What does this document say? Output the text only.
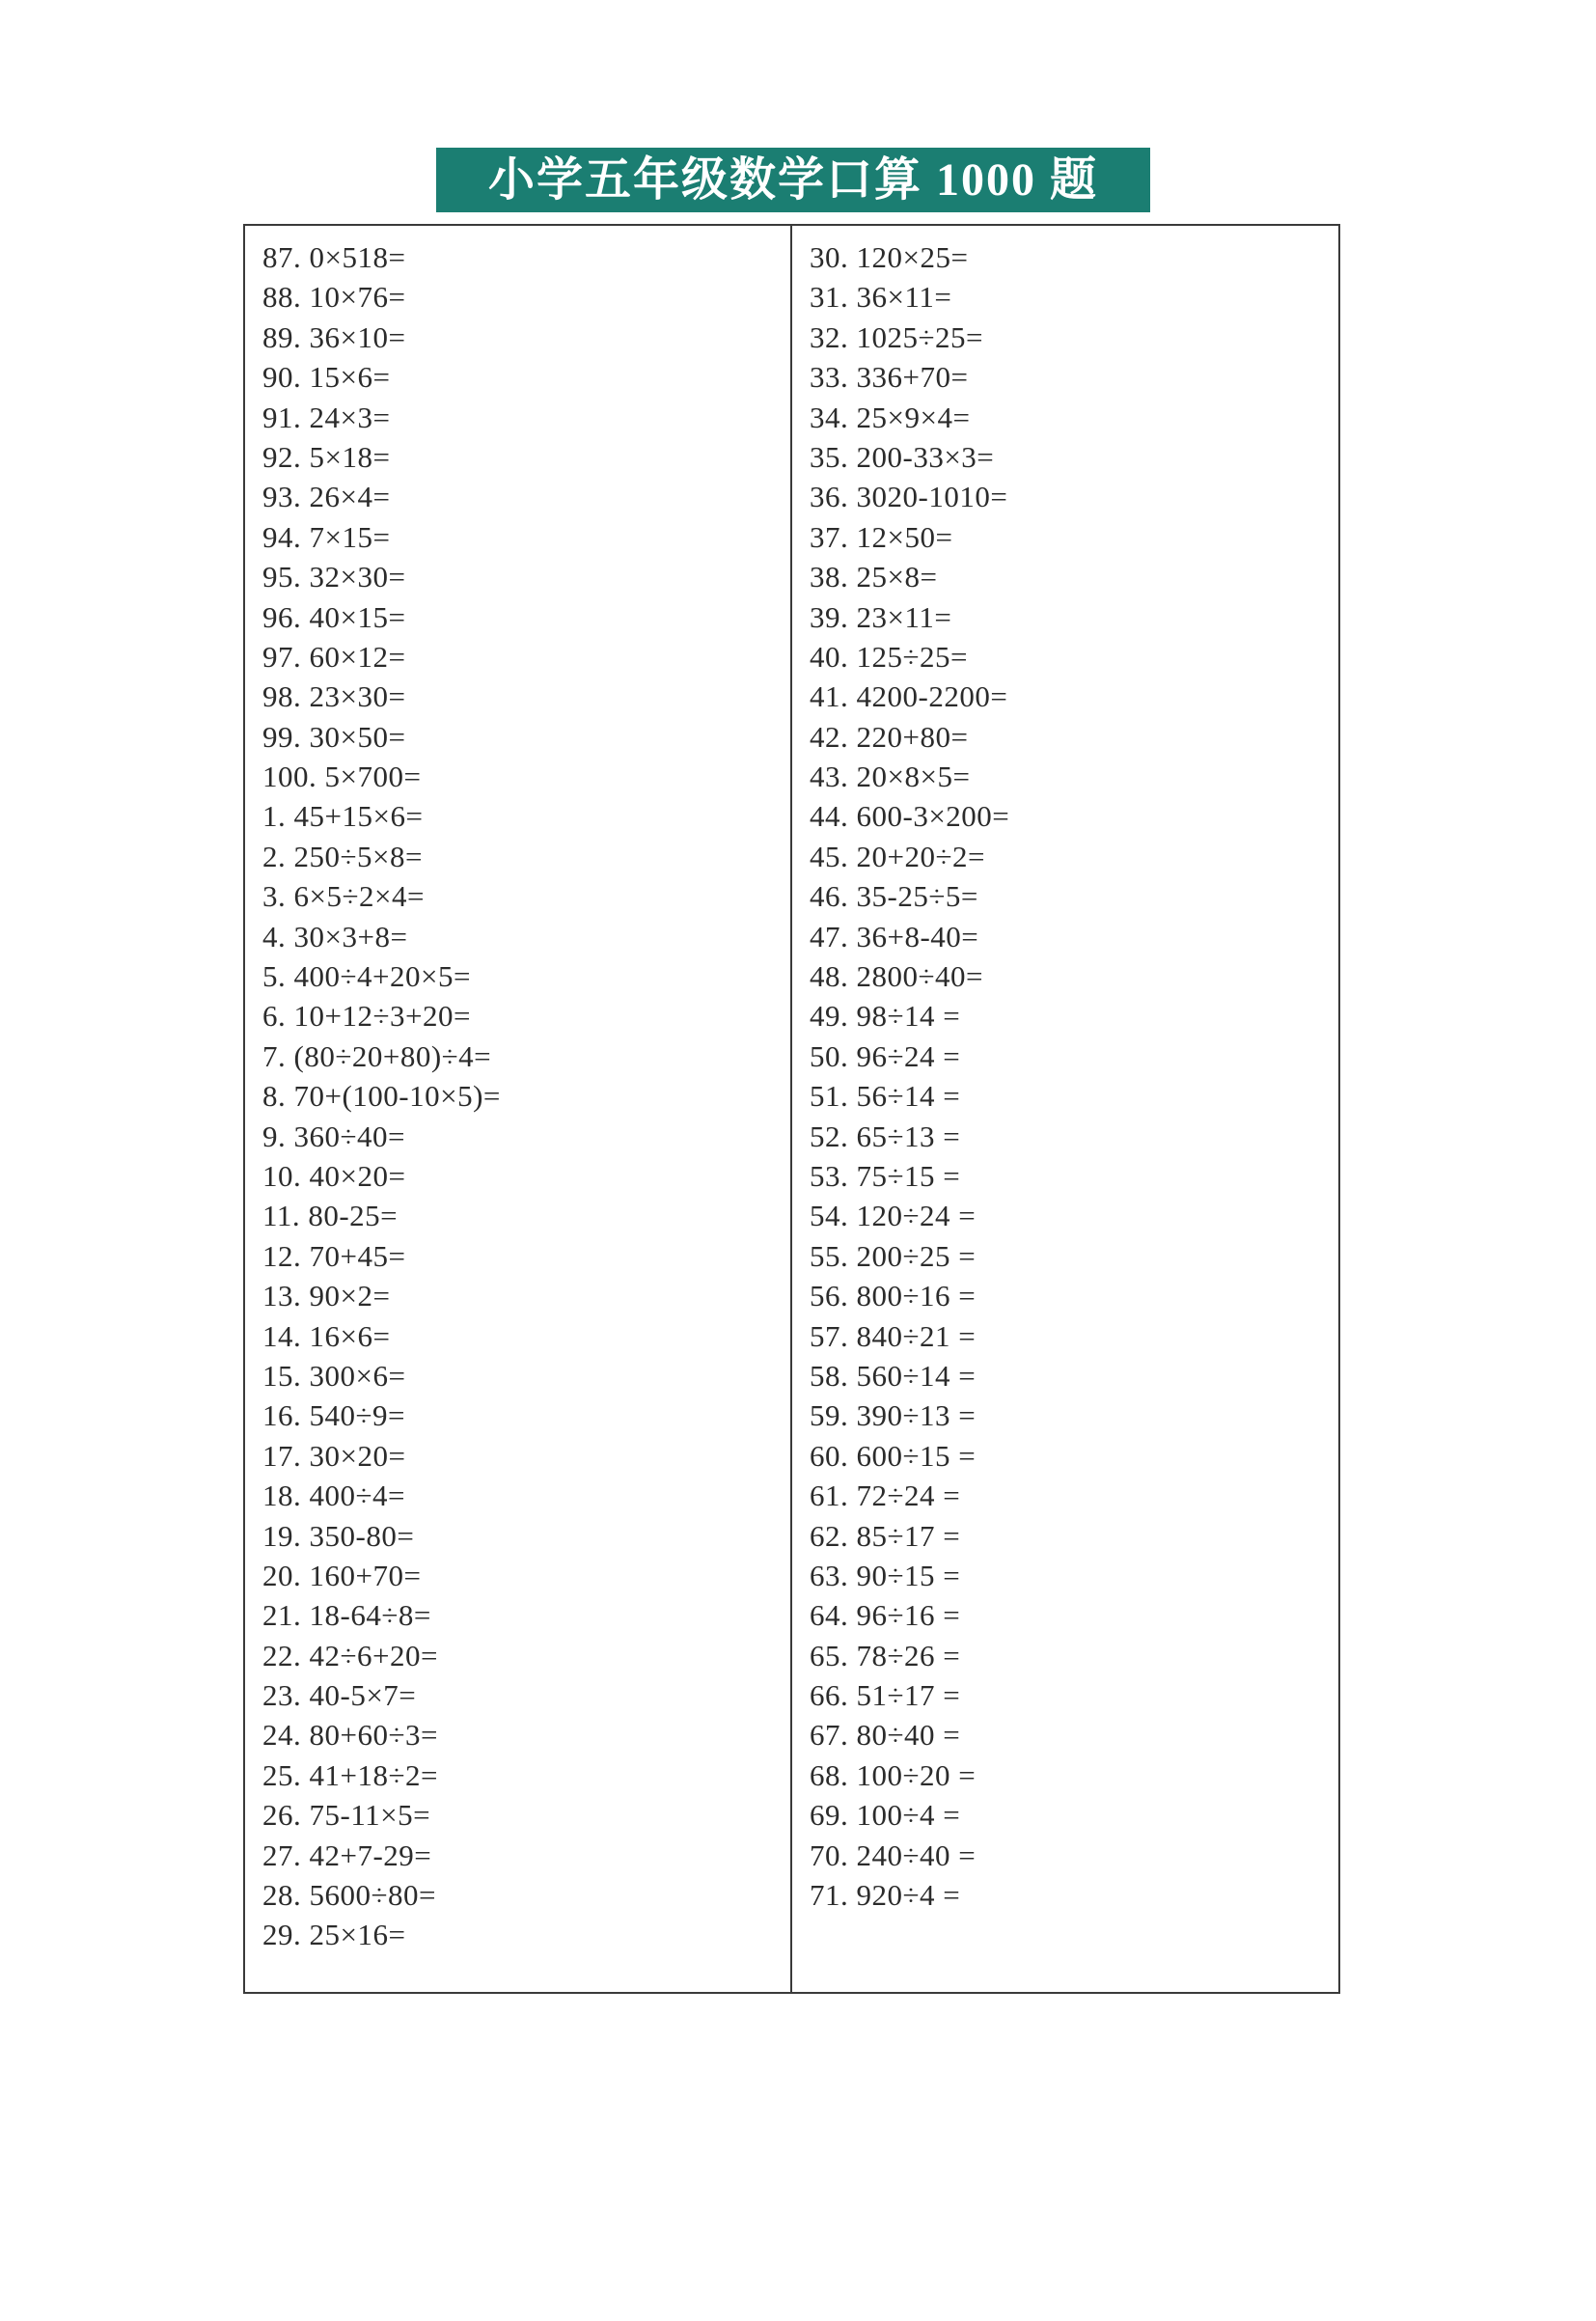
小学五年级数学口算 1000 题
87. 0×518=
88. 10×76=
89. 36×10=
90. 15×6=
91. 24×3=
92. 5×18=
93. 26×4=
94. 7×15=
95. 32×30=
96. 40×15=
97. 60×12=
98. 23×30=
99. 30×50=
100. 5×700=
1. 45+15×6=
2. 250÷5×8=
3. 6×5÷2×4=
4. 30×3+8=
5. 400÷4+20×5=
6. 10+12÷3+20=
7. (80÷20+80)÷4=
8. 70+(100-10×5)=
9. 360÷40=
10. 40×20=
11. 80-25=
12. 70+45=
13. 90×2=
14. 16×6=
15. 300×6=
16. 540÷9=
17. 30×20=
18. 400÷4=
19. 350-80=
20. 160+70=
21. 18-64÷8=
22. 42÷6+20=
23. 40-5×7=
24. 80+60÷3=
25. 41+18÷2=
26. 75-11×5=
27. 42+7-29=
28. 5600÷80=
29. 25×16=
30. 120×25=
31. 36×11=
32. 1025÷25=
33. 336+70=
34. 25×9×4=
35. 200-33×3=
36. 3020-1010=
37. 12×50=
38. 25×8=
39. 23×11=
40. 125÷25=
41. 4200-2200=
42. 220+80=
43. 20×8×5=
44. 600-3×200=
45. 20+20÷2=
46. 35-25÷5=
47. 36+8-40=
48. 2800÷40=
49. 98÷14 =
50. 96÷24 =
51. 56÷14 =
52. 65÷13 =
53. 75÷15 =
54. 120÷24 =
55. 200÷25 =
56. 800÷16 =
57. 840÷21 =
58. 560÷14 =
59. 390÷13 =
60. 600÷15 =
61. 72÷24 =
62. 85÷17 =
63. 90÷15 =
64. 96÷16 =
65. 78÷26 =
66. 51÷17 =
67. 80÷40 =
68. 100÷20 =
69. 100÷4 =
70. 240÷40 =
71. 920÷4 =
